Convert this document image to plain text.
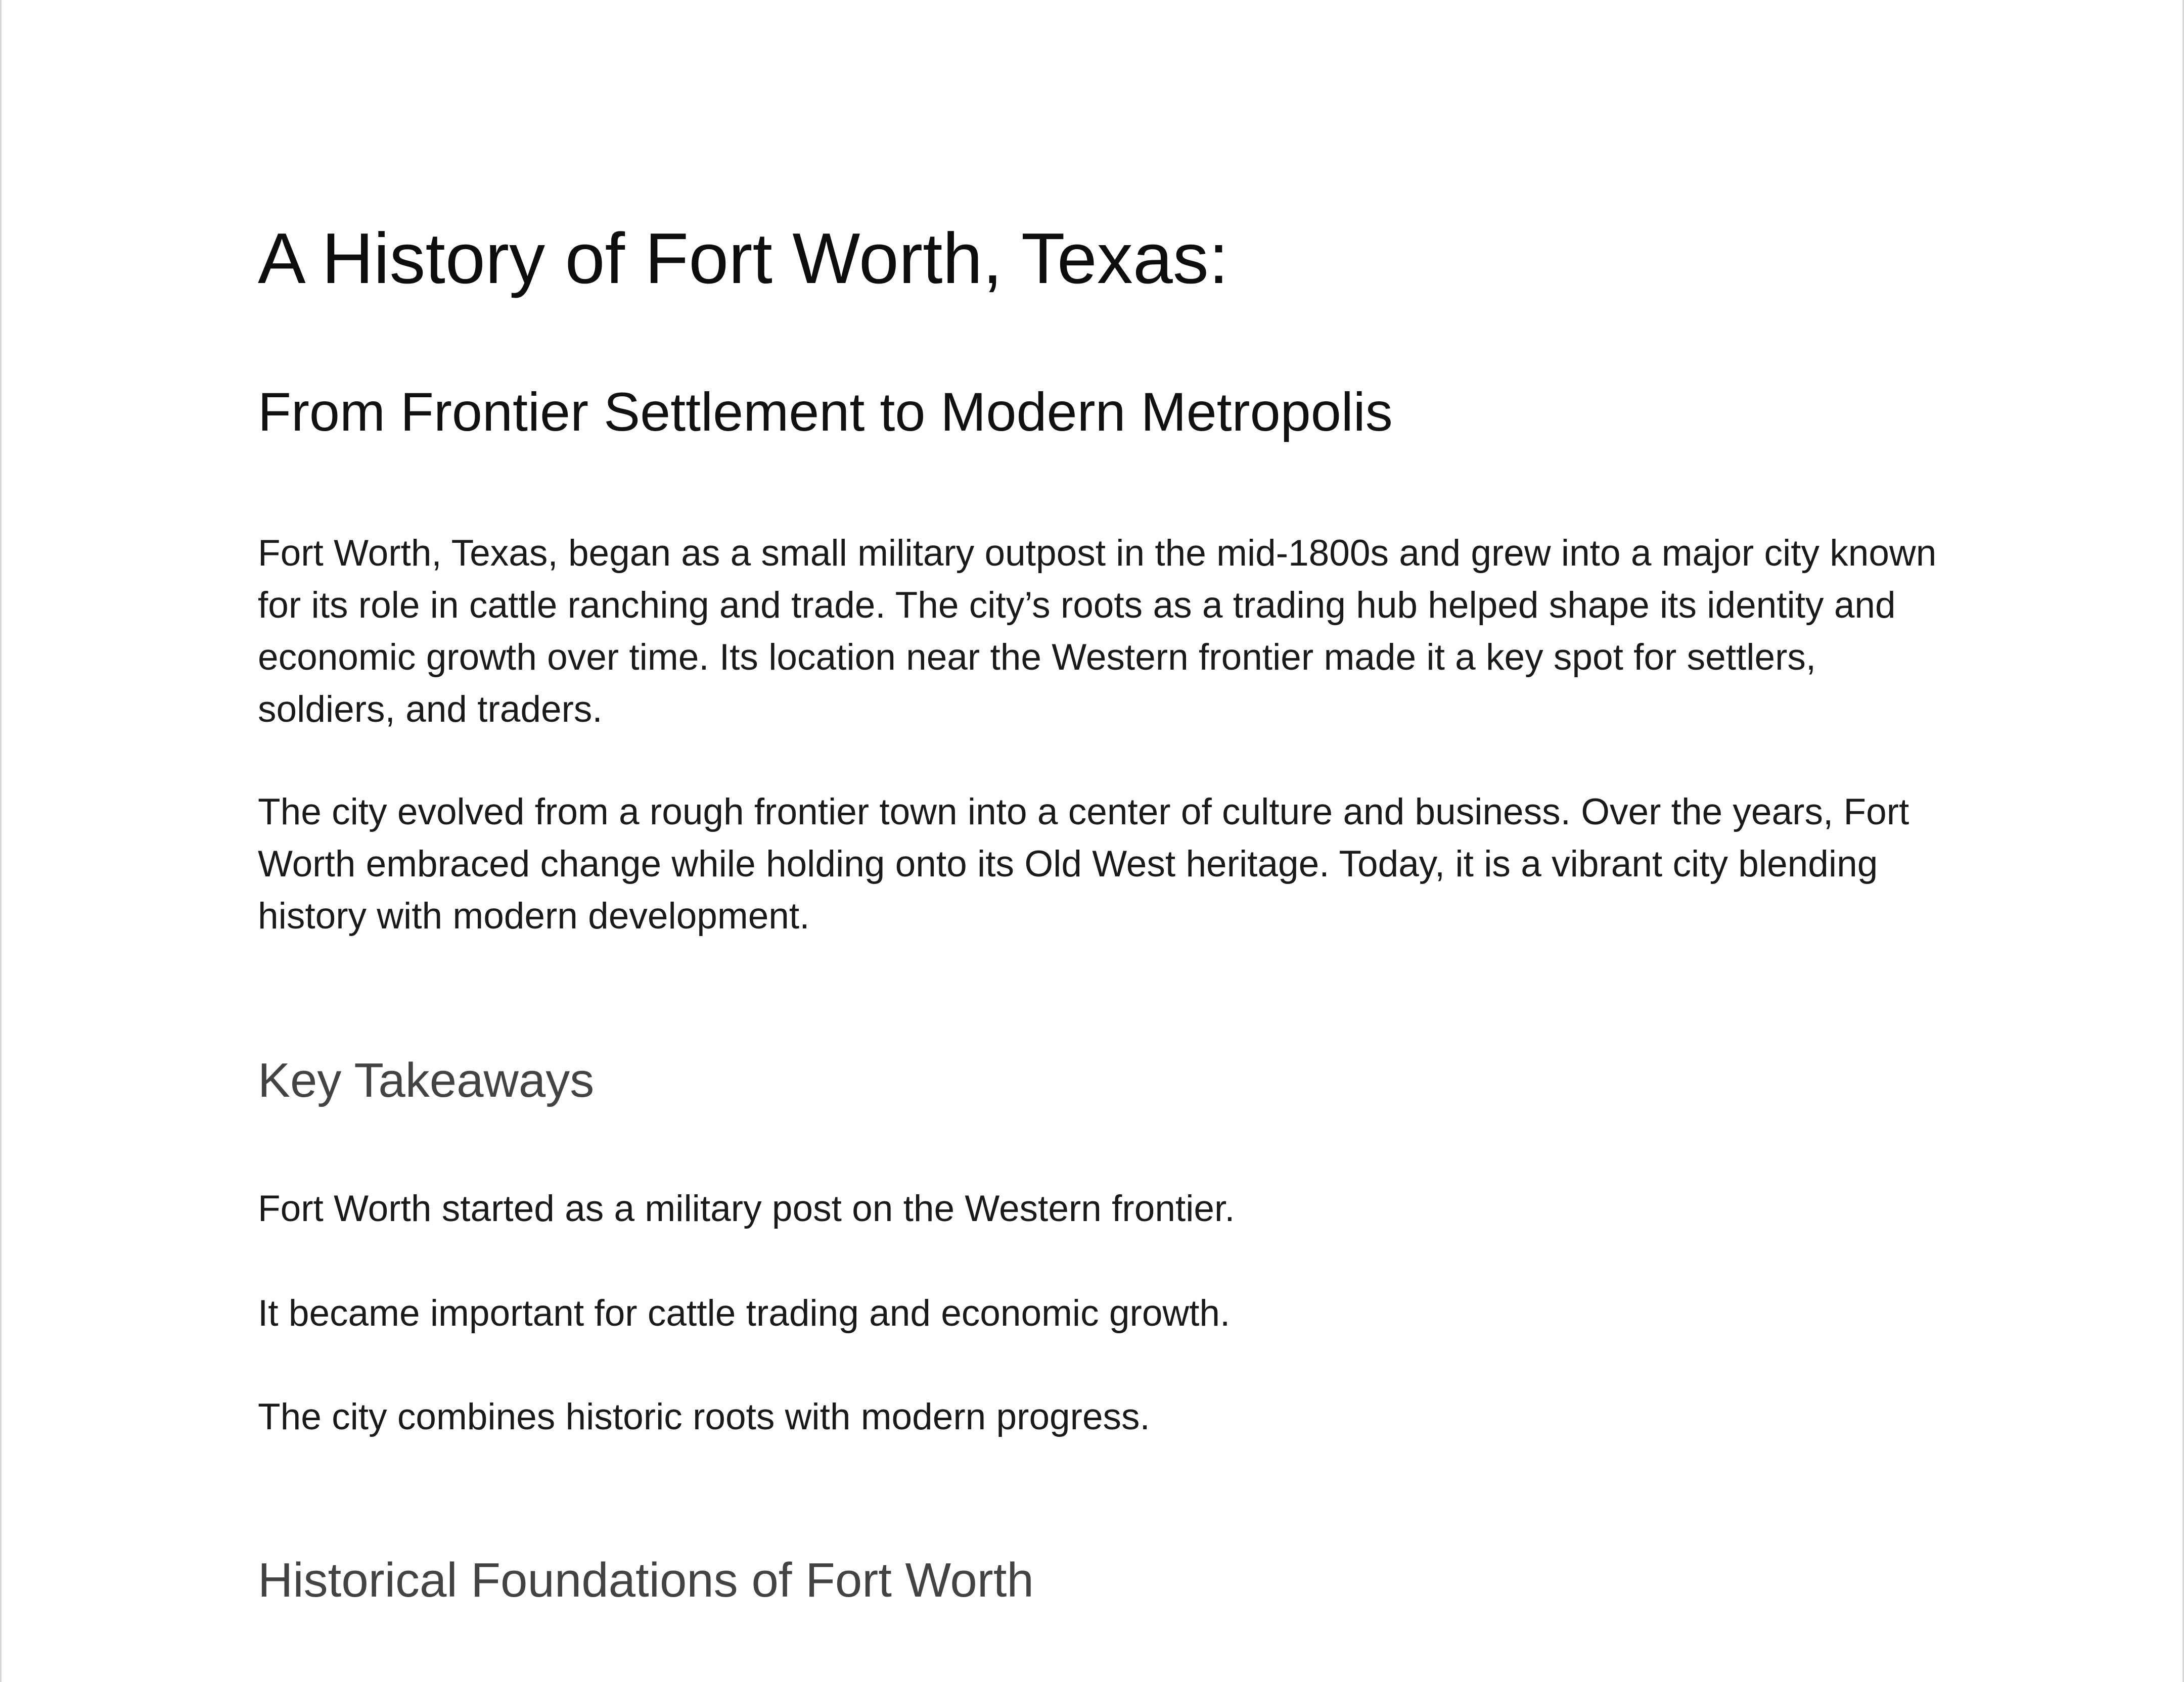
A History of Fort Worth, Texas:
From Frontier Settlement to Modern Metropolis

Fort Worth, Texas, began as a small military outpost in the mid-1800s and grew into a major city known for its role in cattle ranching and trade. The city’s roots as a trading hub helped shape its identity and economic growth over time. Its location near the Western frontier made it a key spot for settlers, soldiers, and traders.

The city evolved from a rough frontier town into a center of culture and business. Over the years, Fort Worth embraced change while holding onto its Old West heritage. Today, it is a vibrant city blending history with modern development.

Key Takeaways

Fort Worth started as a military post on the Western frontier.

It became important for cattle trading and economic growth.

The city combines historic roots with modern progress.

Historical Foundations of Fort Worth
